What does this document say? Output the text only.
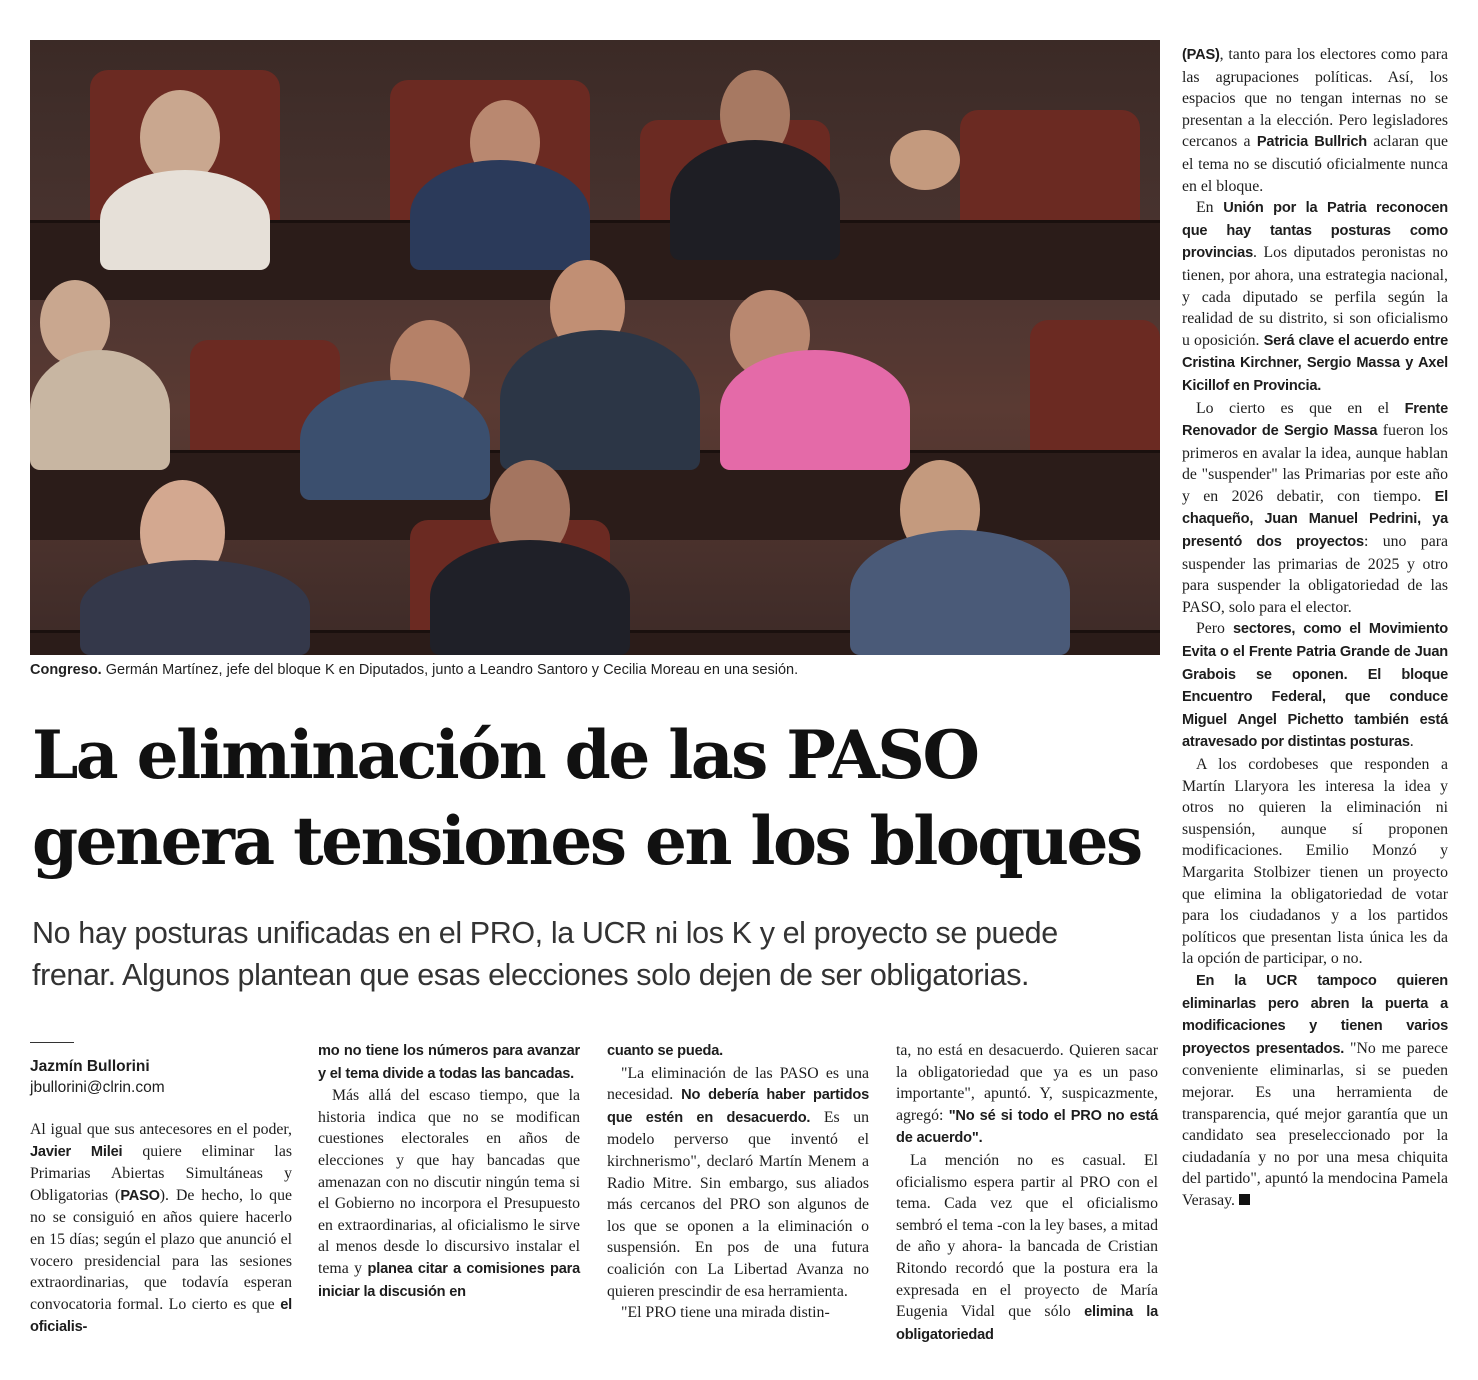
Congreso. Germán Martínez, jefe del bloque K en Diputados, junto a Leandro Santoro y Cecilia Moreau en una sesión.
La eliminación de las PASO
genera tensiones en los bloques
No hay posturas unificadas en el PRO, la UCR ni los K y el proyecto se puede
frenar. Algunos plantean que esas elecciones solo dejen de ser obligatorias.
Jazmín Bullorini
jbullorini@clrin.com

Al igual que sus antecesores en el poder, Javier Milei quiere eliminar las Primarias Abiertas Simultáneas y Obligatorias (PASO). De hecho, lo que no se consiguió en años quiere hacerlo en 15 días; según el plazo que anunció el vocero presidencial para las sesiones extraordinarias, que todavía esperan convocatoria formal. Lo cierto es que el oficialis-

mo no tiene los números para avanzar y el tema divide a todas las bancadas.

Más allá del escaso tiempo, que la historia indica que no se modifican cuestiones electorales en años de elecciones y que hay bancadas que amenazan con no discutir ningún tema si el Gobierno no incorpora el Presupuesto en extraordinarias, al oficialismo le sirve al menos desde lo discursivo instalar el tema y planea citar a comisiones para iniciar la discusión en

cuanto se pueda.

"La eliminación de las PASO es una necesidad. No debería haber partidos que estén en desacuerdo. Es un modelo perverso que inventó el kirchnerismo", declaró Martín Menem a Radio Mitre. Sin embargo, sus aliados más cercanos del PRO son algunos de los que se oponen a la eliminación o suspensión. En pos de una futura coalición con La Libertad Avanza no quieren prescindir de esa herramienta.

"El PRO tiene una mirada distin-

ta, no está en desacuerdo. Quieren sacar la obligatoriedad que ya es un paso importante", apuntó. Y, suspicazmente, agregó: "No sé si todo el PRO no está de acuerdo".

La mención no es casual. El oficialismo espera partir al PRO con el tema. Cada vez que el oficialismo sembró el tema -con la ley bases, a mitad de año y ahora- la bancada de Cristian Ritondo recordó que la postura era la expresada en el proyecto de María Eugenia Vidal que sólo elimina la obligatoriedad

(PAS), tanto para los electores como para las agrupaciones políticas. Así, los espacios que no tengan internas no se presentan a la elección. Pero legisladores cercanos a Patricia Bullrich aclaran que el tema no se discutió oficialmente nunca en el bloque.

En Unión por la Patria reconocen que hay tantas posturas como provincias. Los diputados peronistas no tienen, por ahora, una estrategia nacional, y cada diputado se perfila según la realidad de su distrito, si son oficialismo u oposición. Será clave el acuerdo entre Cristina Kirchner, Sergio Massa y Axel Kicillof en Provincia.

Lo cierto es que en el Frente Renovador de Sergio Massa fueron los primeros en avalar la idea, aunque hablan de "suspender" las Primarias por este año y en 2026 debatir, con tiempo. El chaqueño, Juan Manuel Pedrini, ya presentó dos proyectos: uno para suspender las primarias de 2025 y otro para suspender la obligatoriedad de las PASO, solo para el elector.

Pero sectores, como el Movimiento Evita o el Frente Patria Grande de Juan Grabois se oponen. El bloque Encuentro Federal, que conduce Miguel Angel Pichetto también está atravesado por distintas posturas.

A los cordobeses que responden a Martín Llaryora les interesa la idea y otros no quieren la eliminación ni suspensión, aunque sí proponen modificaciones. Emilio Monzó y Margarita Stolbizer tienen un proyecto que elimina la obligatoriedad de votar para los ciudadanos y a los partidos políticos que presentan lista única les da la opción de participar, o no.

En la UCR tampoco quieren eliminarlas pero abren la puerta a modificaciones y tienen varios proyectos presentados. "No me parece conveniente eliminarlas, si se pueden mejorar. Es una herramienta de transparencia, qué mejor garantía que un candidato sea preseleccionado por la ciudadanía y no por una mesa chiquita del partido", apuntó la mendocina Pamela Verasay.
